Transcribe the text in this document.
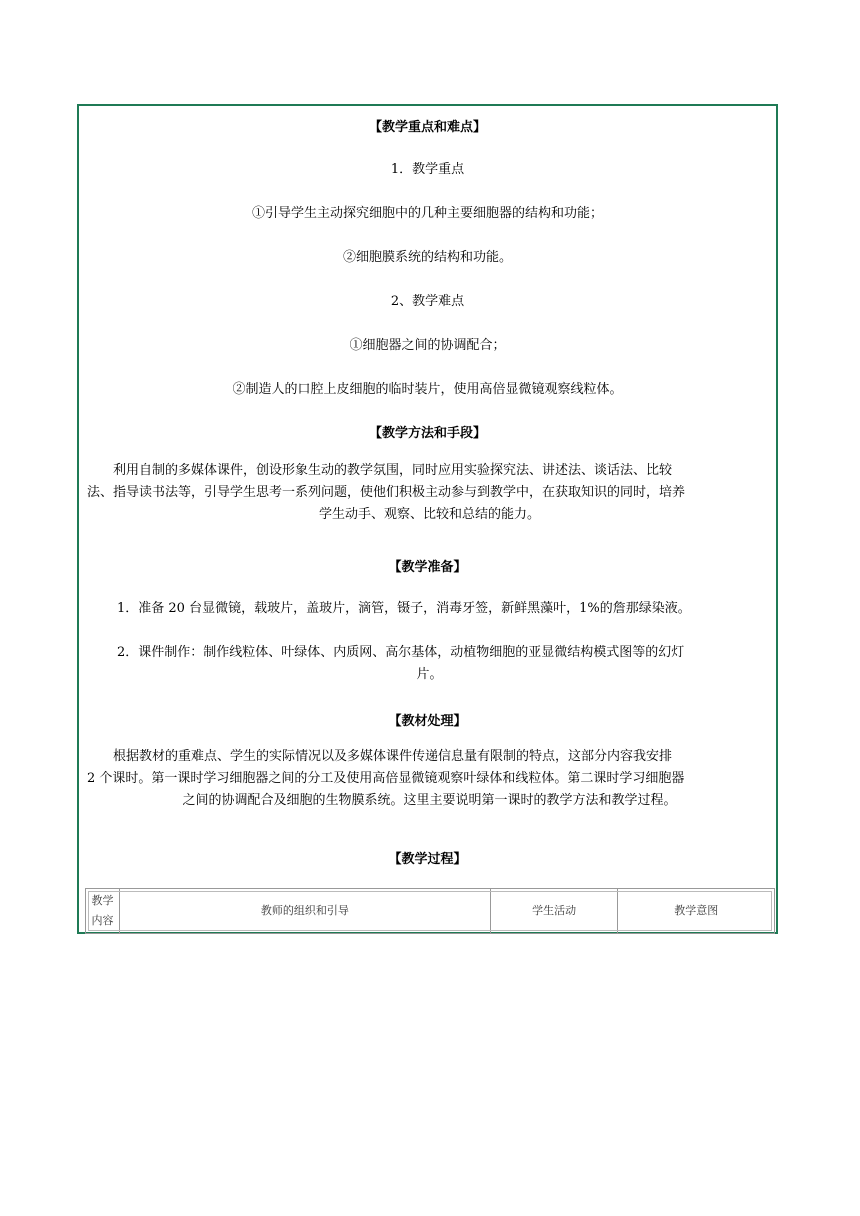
【教学重点和难点】
1．教学重点
①引导学生主动探究细胞中的几种主要细胞器的结构和功能；
②细胞膜系统的结构和功能。
2、教学难点
①细胞器之间的协调配合；
②制造人的口腔上皮细胞的临时装片，使用高倍显微镜观察线粒体。
【教学方法和手段】
利用自制的多媒体课件，创设形象生动的教学氛围，同时应用实验探究法、讲述法、谈话法、比较
法、指导读书法等，引导学生思考一系列问题，使他们积极主动参与到教学中，在获取知识的同时，培养
学生动手、观察、比较和总结的能力。
【教学准备】
1．准备 20 台显微镜，载玻片，盖玻片，滴管，镊子，消毒牙签，新鲜黑藻叶，1%的詹那绿染液。
2．课件制作：制作线粒体、叶绿体、内质网、高尔基体，动植物细胞的亚显微结构模式图等的幻灯
片。
【教材处理】
根据教材的重难点、学生的实际情况以及多媒体课件传递信息量有限制的特点，这部分内容我安排
2 个课时。第一课时学习细胞器之间的分工及使用高倍显微镜观察叶绿体和线粒体。第二课时学习细胞器
之间的协调配合及细胞的生物膜系统。这里主要说明第一课时的教学方法和教学过程。
【教学过程】
教学
内容
教师的组织和引导	学生活动	教学意图
